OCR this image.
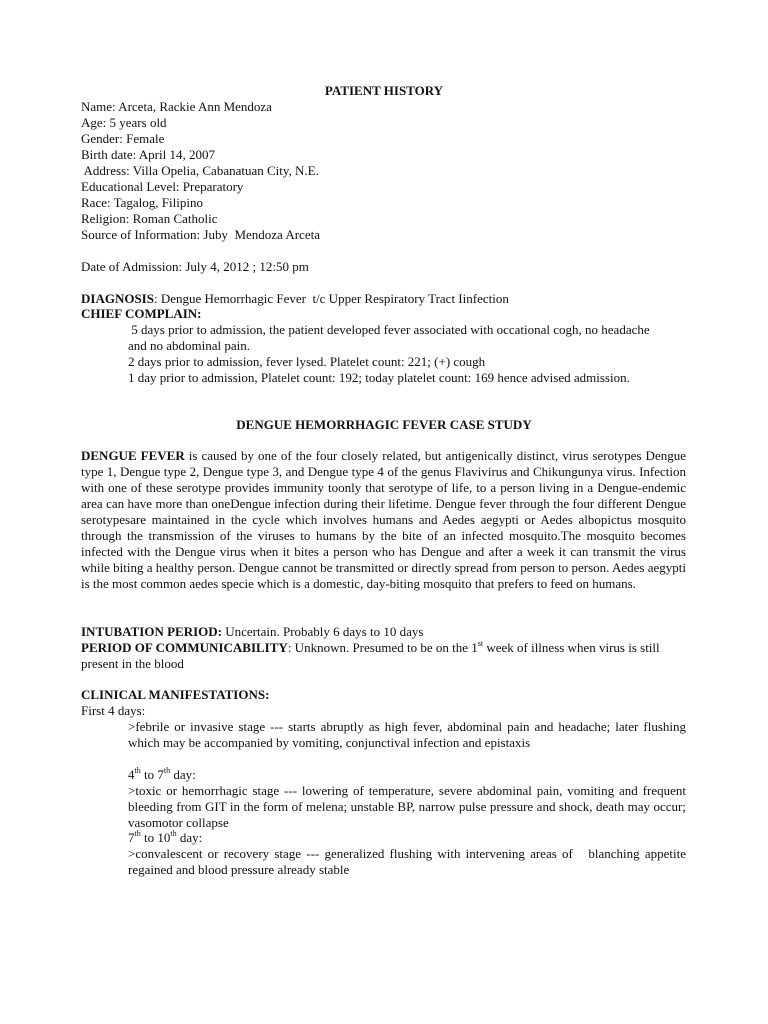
PATIENT HISTORY
Name: Arceta, Rackie Ann Mendoza
Age: 5 years old
Gender: Female
Birth date: April 14, 2007
Address: Villa Opelia, Cabanatuan City, N.E.
Educational Level: Preparatory
Race: Tagalog, Filipino
Religion: Roman Catholic
Source of Information: Juby  Mendoza Arceta
Date of Admission: July 4, 2012 ; 12:50 pm
DIAGNOSIS: Dengue Hemorrhagic Fever  t/c Upper Respiratory Tract Iinfection
CHIEF COMPLAIN:
5 days prior to admission, the patient developed fever associated with occational cogh, no headache
and no abdominal pain.
2 days prior to admission, fever lysed. Platelet count: 221; (+) cough
1 day prior to admission, Platelet count: 192; today platelet count: 169 hence advised admission.
DENGUE HEMORRHAGIC FEVER CASE STUDY
DENGUE FEVER is caused by one of the four closely related, but antigenically distinct, virus serotypes Dengue type 1, Dengue type 2, Dengue type 3, and Dengue type 4 of the genus Flavivirus and Chikungunya virus. Infection with one of these serotype provides immunity toonly that serotype of life, to a person living in a Dengue-endemic area can have more than oneDengue infection during their lifetime. Dengue fever through the four different Dengue serotypesare maintained in the cycle which involves humans and Aedes aegypti or Aedes albopictus mosquito through the transmission of the viruses to humans by the bite of an infected mosquito.The mosquito becomes infected with the Dengue virus when it bites a person who has Dengue and after a week it can transmit the virus while biting a healthy person. Dengue cannot be transmitted or directly spread from person to person. Aedes aegypti is the most common aedes specie which is a domestic, day-biting mosquito that prefers to feed on humans.
INTUBATION PERIOD: Uncertain. Probably 6 days to 10 days
PERIOD OF COMMUNICABILITY: Unknown. Presumed to be on the 1st week of illness when virus is still present in the blood
CLINICAL MANIFESTATIONS:
First 4 days:
>febrile or invasive stage --- starts abruptly as high fever, abdominal pain and headache; later flushing which may be accompanied by vomiting, conjunctival infection and epistaxis
4th to 7th day:
>toxic or hemorrhagic stage --- lowering of temperature, severe abdominal pain, vomiting and frequent bleeding from GIT in the form of melena; unstable BP, narrow pulse pressure and shock, death may occur; vasomotor collapse
7th to 10th day:
>convalescent or recovery stage --- generalized flushing with intervening areas of   blanching appetite regained and blood pressure already stable
